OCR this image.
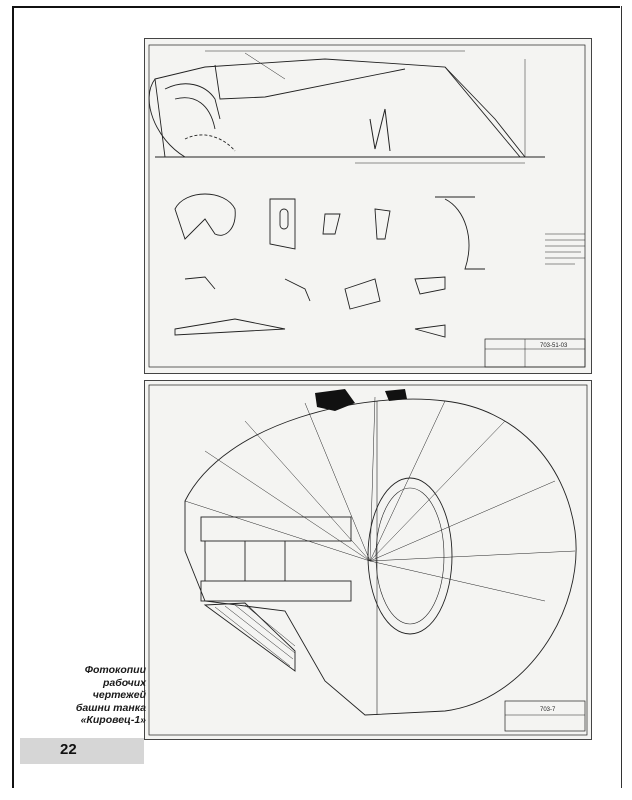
703-51-03
703-7
Фотокопии
рабочих
чертежей
башни танка
«Кировец-1»
22
